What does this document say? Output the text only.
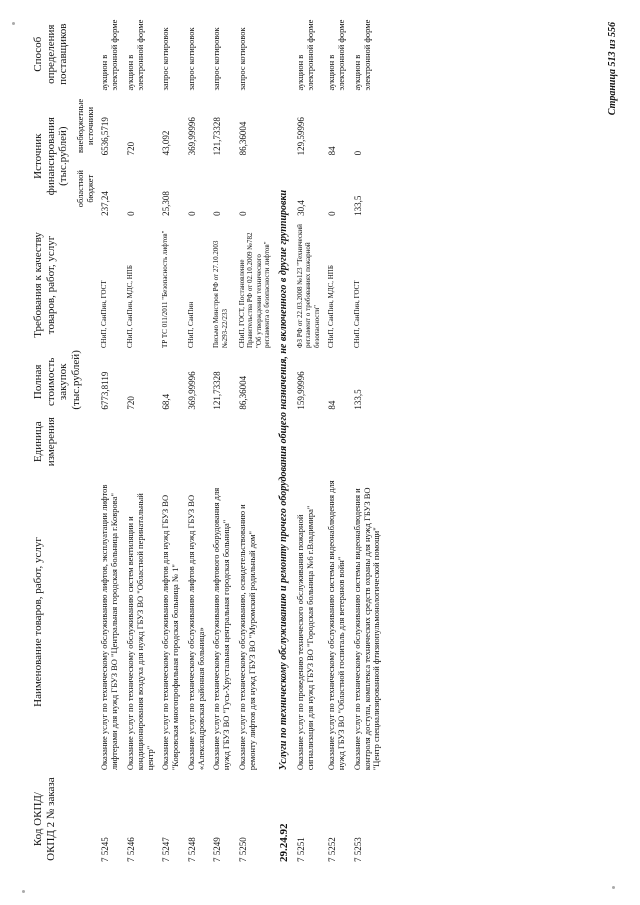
Код ОКПД/ ОКПД 2 № заказа	Наименование товаров, работ, услуг	Единица измерения	Полная стоимость закупок (тыс.рублей)	Требования к качеству товаров, работ, услуг	Источник финансирования (тыс.рублей)		Способ определения поставщиков
					областной бюджет	внебюджетные источники	
7 5245	Оказание услуг по техническому обслуживанию лифтов, эксплуатации лифтов лифтерами для нужд ГБУЗ ВО "Центральная городская больница г.Коврова"		6773,8119	СНиП, СанПин, ГОСТ	237,24	6536,5719	аукцион в электронной форме
7 5246	Оказание услуг по техническому обслуживанию систем вентиляции и кондиционирования воздуха для нужд ГБУЗ ВО "Областной перинатальный центр"		720	СНиП, СанПин, МДС, НПБ	0	720	аукцион в электронной форме
7 5247	Оказание услуг по техническому обслуживанию лифтов для нужд ГБУЗ ВО "Ковровская многопрофильная городская больница № 1"		68,4	ТР ТС 011/2011 "Безопасность лифтов"	25,308	43,092	запрос котировок
7 5248	Оказание услуг по техническому обслуживанию лифтов для нужд ГБУЗ ВО «Александровская районная больница»		369,99996	СНиП, СанПин	0	369,99996	запрос котировок
7 5249	Оказание услуг по техническому обслуживанию лифтового оборудования для нужд ГБУЗ ВО "Гусь-Хрустальная центральная городская больница"		121,73328	Письмо Минстроя РФ от 27.10.2003 №293-22/233	0	121,73328	запрос котировок
7 5250	Оказание услуг по техническому обслуживанию, освидетельствованию и ремонту лифтов для нужд ГБУЗ ВО "Муромский родильный дом"		86,36004	СНиП, ГОСТ, Постановление Правительства РФ от 02.10.2009 №782 "Об утверждении технического регламента о безопасности лифтов"	0	86,36004	запрос котировок
29.24.92	Услуги по техническому обслуживанию и ремонту прочего оборудования общего назначения, не включенного в другие группировки						
7 5251	Оказание услуг по проведению технического обслуживания пожарной сигнализации для нужд ГБУЗ ВО "Городская больница №6 г.Владимира"		159,99996	ФЗ РФ от 22.03.2008 №123 "Технический регламент о требованиях пожарной безопасности"	30,4	129,59996	аукцион в электронной форме
7 5252	Оказание услуг по техническому обслуживанию системы видеонаблюдения для нужд ГБУЗ ВО "Областной госпиталь для ветеранов войн"		84	СНиП, СанПин, МДС, НПБ	0	84	аукцион в электронной форме
7 5253	Оказание услуг по техническому обслуживанию системы видеонаблюдения и контроля доступа, комплекса технических средств охраны для нужд ГБУЗ ВО "Центр специализированной фтизиопульмонологической помощи"		133,5	СНиП, СанПин, ГОСТ	133,5	0	аукцион в электронной форме	Страница 513 из 556
